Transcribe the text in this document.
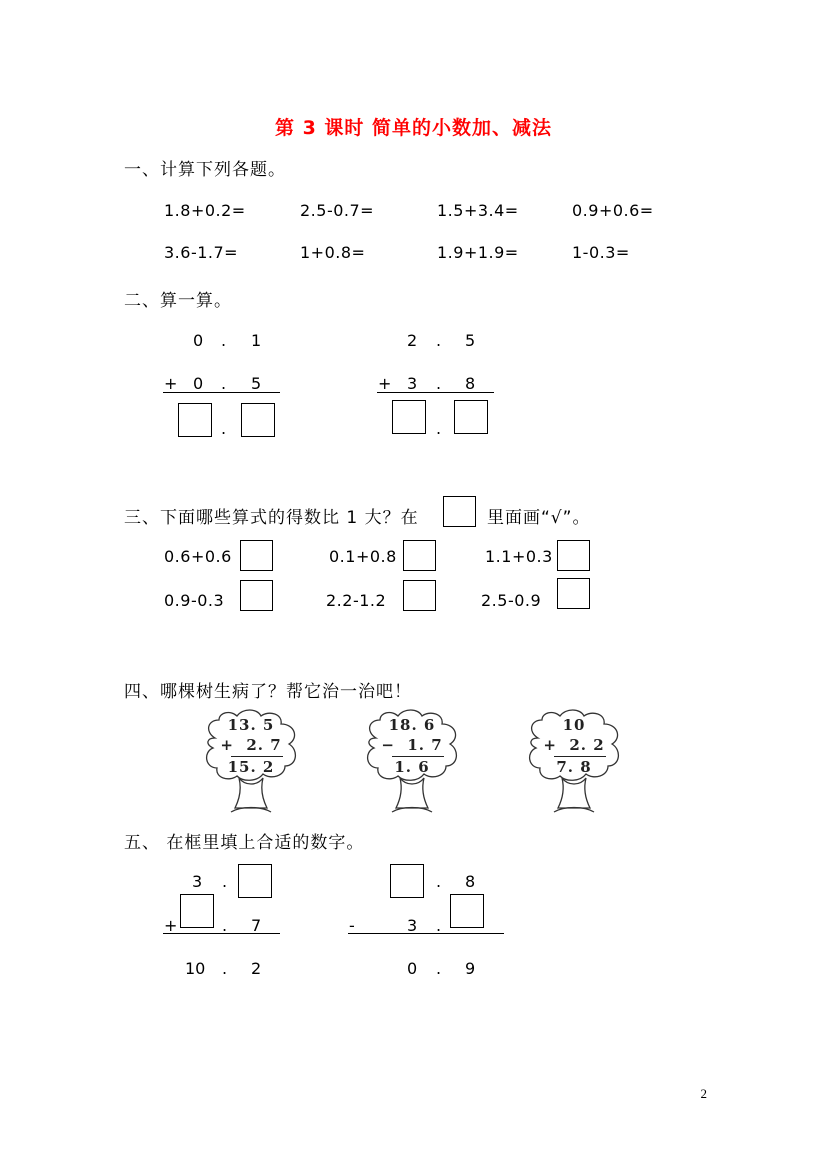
第 3 课时 简单的小数加、减法
一、计算下列各题。
1.8+0.2=	2.5-0.7=	1.5+3.4=	0.9+0.6=
3.6-1.7=	1+0.8=	1.9+1.9=	1-0.3=
二、算一算。
0 . 1
+ 0 . 5
.
2 . 5
+ 3 . 8
.
三、下面哪些算式的得数比 1 大？在	里面画“√”。
0.6+0.6	0.1+0.8	1.1+0.3
0.9-0.3	2.2-1.2	2.5-0.9
四、哪棵树生病了？帮它治一治吧！
13. 5
+  2. 7
15. 2
18. 6
−  1. 7
1. 6
10
+  2. 2
7. 8
五、 在框里填上合适的数字。
3 .
+	. 7
10 . 2
. 8
-	3 .
0 . 9
2
